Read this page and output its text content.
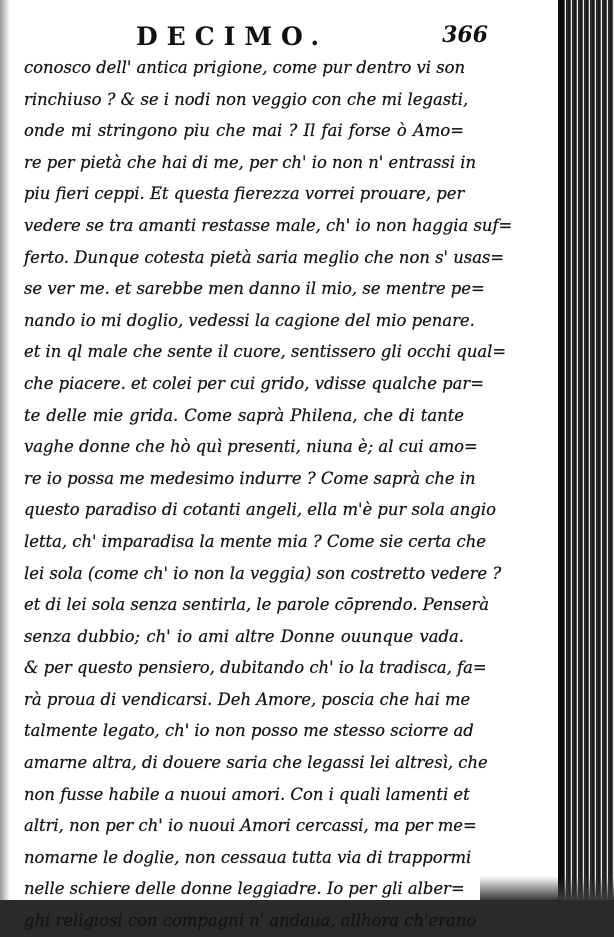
DECIMO.	366
conosco dell' antica prigione, come pur dentro vi son
rinchiuso ? & se i nodi non veggio con che mi legasti,
onde mi stringono piu che mai ? Il fai forse ò Amo=
re per pietà che hai di me, per ch' io non n' entrassi in
piu fieri ceppi. Et questa fierezza vorrei prouare, per
vedere se tra amanti restasse male, ch' io non haggia suf=
ferto. Dunque cotesta pietà saria meglio che non s' usas=
se ver me. et sarebbe men danno il mio, se mentre pe=
nando io mi doglio, vedessi la cagione del mio penare.
et in ql male che sente il cuore, sentissero gli occhi qual=
che piacere. et colei per cui grido, vdisse qualche par=
te delle mie grida. Come saprà Philena, che di tante
vaghe donne che hò quì presenti, niuna è; al cui amo=
re io possa me medesimo indurre ? Come saprà che in
questo paradiso di cotanti angeli, ella m'è pur sola angio
letta, ch' imparadisa la mente mia ? Come sie certa che
lei sola (come ch' io non la veggia) son costretto vedere ?
et di lei sola senza sentirla, le parole cōprendo. Penserà
senza dubbio; ch' io ami altre Donne ouunque vada.
& per questo pensiero, dubitando ch' io la tradisca, fa=
rà proua di vendicarsi. Deh Amore, poscia che hai me
talmente legato, ch' io non posso me stesso sciorre ad
amarne altra, di douere saria che legassi lei altresì, che
non fusse habile a nuoui amori. Con i quali lamenti et
altri, non per ch' io nuoui Amori cercassi, ma per me=
nomarne le doglie, non cessaua tutta via di trappormi
nelle schiere delle donne leggiadre. Io per gli alber=
ghi religiosi con compagni n' andaua, allhora ch'erano
